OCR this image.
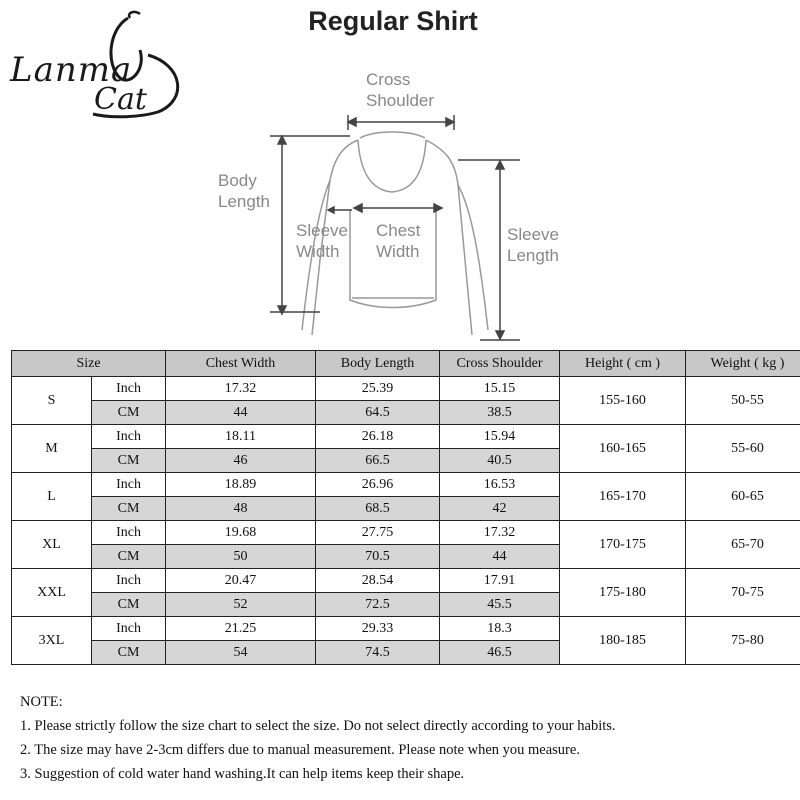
Regular Shirt
Lanma
Cat
Cross
Shoulder
Body
Length
Sleeve
Width
Chest
Width
Sleeve
Length
Size		Chest Width	Body Length	Cross Shoulder	Height ( cm )	Weight ( kg )
S	Inch	17.32	25.39	15.15	155-160	50-55
	CM	44	64.5	38.5		
M	Inch	18.11	26.18	15.94	160-165	55-60
	CM	46	66.5	40.5		
L	Inch	18.89	26.96	16.53	165-170	60-65
	CM	48	68.5	42		
XL	Inch	19.68	27.75	17.32	170-175	65-70
	CM	50	70.5	44		
XXL	Inch	20.47	28.54	17.91	175-180	70-75
	CM	52	72.5	45.5		
3XL	Inch	21.25	29.33	18.3	180-185	75-80
	CM	54	74.5	46.5		
NOTE:
1. Please strictly follow the size chart to select the size. Do not select directly according to your habits.
2. The size may have 2-3cm differs due to manual measurement. Please note when you measure.
3. Suggestion of cold water hand washing.It can help items keep their shape.
